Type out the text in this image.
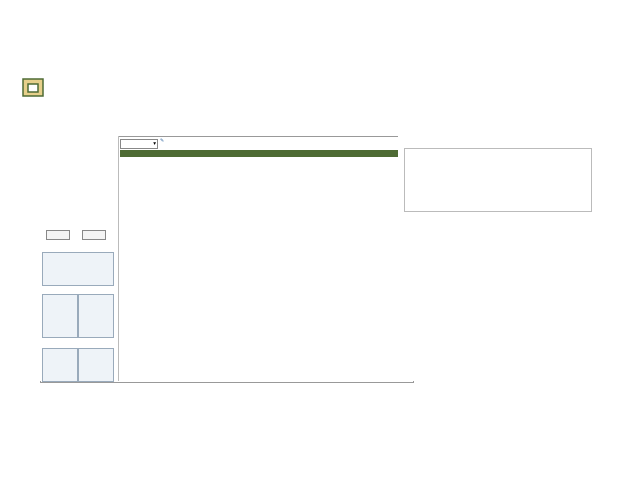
▾ ✎
